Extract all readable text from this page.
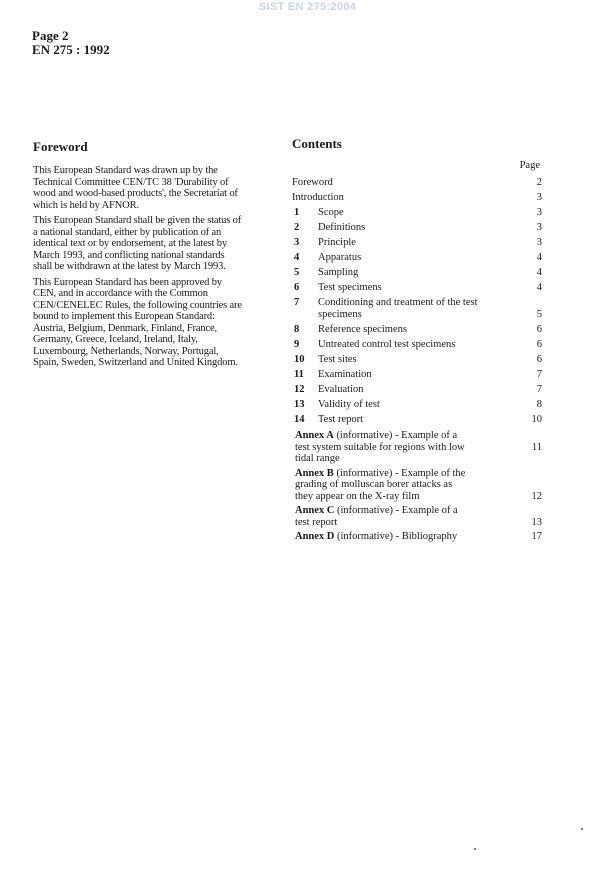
SIST EN 275:2004
Page 2
EN 275 : 1992
Foreword

This European Standard was drawn up by the
Technical Committee CEN/TC 38 'Durability of
wood and wood-based products', the Secretariat of
which is held by AFNOR.

This European Standard shall be given the status of
a national standard, either by publication of an
identical text or by endorsement, at the latest by
March 1993, and conflicting national standards
shall be withdrawn at the latest by March 1993.

This European Standard has been approved by
CEN, and in accordance with the Common
CEN/CENELEC Rules, the following countries are
bound to implement this European Standard:
Austria, Belgium, Denmark, Finland, France,
Germany, Greece, Iceland, Ireland, Italy,
Luxembourg, Netherlands, Norway, Portugal,
Spain, Sweden, Switzerland and United Kingdom.

Contents
Page
Foreword	2
Introduction	3
1	Scope	3
2	Definitions	3
3	Principle	3
4	Apparatus	4
5	Sampling	4
6	Test specimens	4
7	Conditioning and treatment of the test specimens	5
8	Reference specimens	6
9	Untreated control test specimens	6
10	Test sites	6
11	Examination	7
12	Evaluation	7
13	Validity of test	8
14	Test report	10
Annex A (informative) - Example of a
test system suitable for regions with low
tidal range
11
Annex B (informative) - Example of the
grading of molluscan borer attacks as
they appear on the X-ray film	12
Annex C (informative) - Example of a
test report	13
Annex D (informative) - Bibliography	17
